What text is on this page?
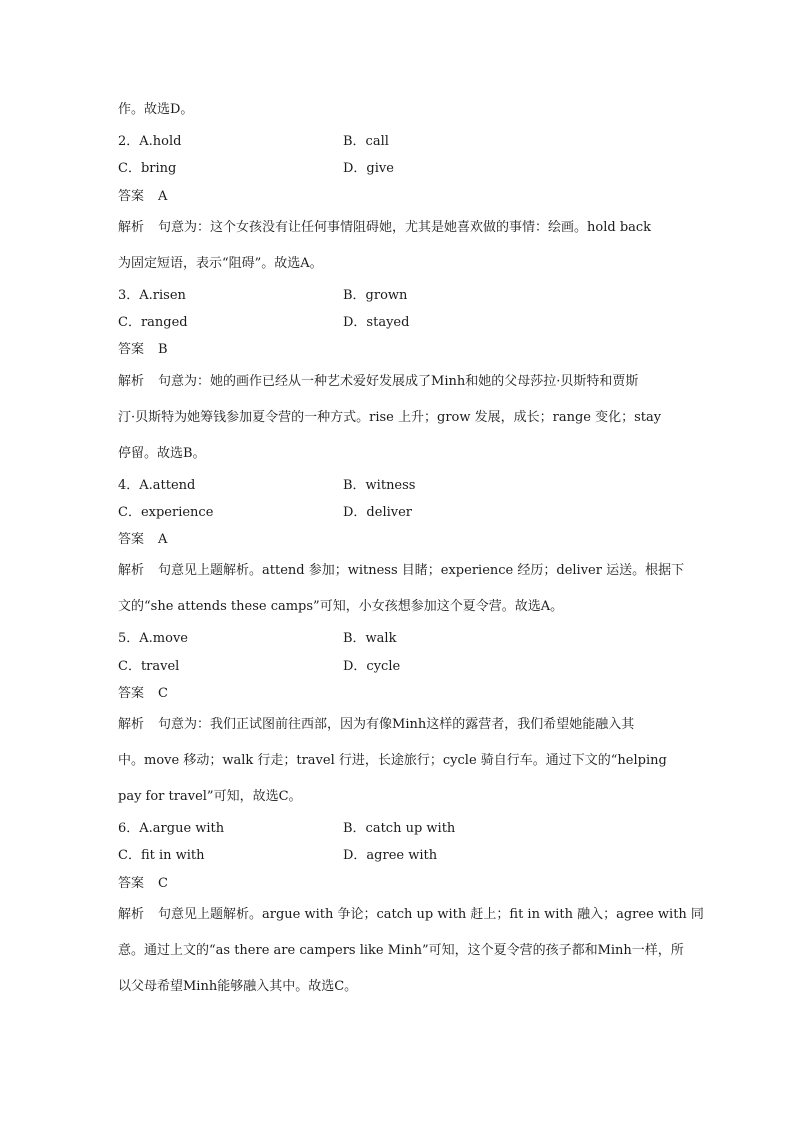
作。故选D。
2．A.hold	B．call
C．bring	D．give
答案 A
解析 句意为：这个女孩没有让任何事情阻碍她，尤其是她喜欢做的事情：绘画。hold back
为固定短语，表示“阻碍”。故选A。
3．A.risen	B．grown
C．ranged	D．stayed
答案 B
解析 句意为：她的画作已经从一种艺术爱好发展成了Minh和她的父母莎拉·贝斯特和贾斯
汀·贝斯特为她筹钱参加夏令营的一种方式。rise 上升；grow 发展，成长；range 变化；stay
停留。故选B。
4．A.attend	B．witness
C．experience	D．deliver
答案 A
解析 句意见上题解析。attend 参加；witness 目睹；experience 经历；deliver 运送。根据下
文的“she attends these camps”可知，小女孩想参加这个夏令营。故选A。
5．A.move	B．walk
C．travel	D．cycle
答案 C
解析 句意为：我们正试图前往西部，因为有像Minh这样的露营者，我们希望她能融入其
中。move 移动；walk 行走；travel 行进，长途旅行；cycle 骑自行车。通过下文的“helping
pay for travel”可知，故选C。
6．A.argue with	B．catch up with
C．fit in with	D．agree with
答案 C
解析 句意见上题解析。argue with 争论；catch up with 赶上；fit in with 融入；agree with 同
意。通过上文的“as there are campers like Minh”可知，这个夏令营的孩子都和Minh一样，所
以父母希望Minh能够融入其中。故选C。
